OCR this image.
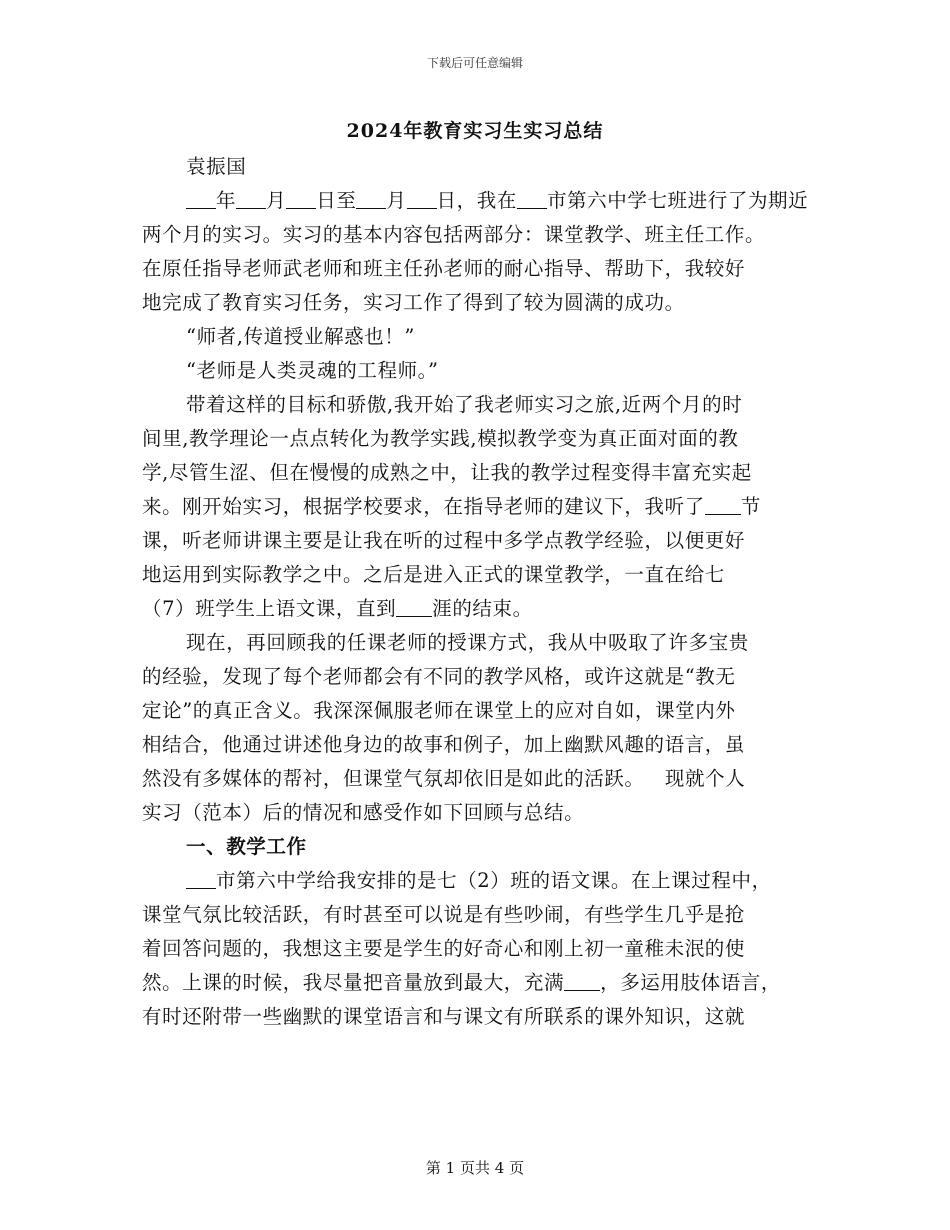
下载后可任意编辑
2024年教育实习生实习总结
袁振国
年 月 日至 月 日，我在 市第六中学七班进行了为期近
两个月的实习。实习的基本内容包括两部分：课堂教学、班主任工作。
在原任指导老师武老师和班主任孙老师的耐心指导、帮助下，我较好
地完成了教育实习任务，实习工作了得到了较为圆满的成功。
“师者,传道授业解惑也！”
“老师是人类灵魂的工程师。”
带着这样的目标和骄傲,我开始了我老师实习之旅,近两个月的时
间里,教学理论一点点转化为教学实践,模拟教学变为真正面对面的教
学,尽管生涩、但在慢慢的成熟之中，让我的教学过程变得丰富充实起
来。刚开始实习，根据学校要求，在指导老师的建议下，我听了 节
课，听老师讲课主要是让我在听的过程中多学点教学经验，以便更好
地运用到实际教学之中。之后是进入正式的课堂教学，一直在给七
（7）班学生上语文课，直到 涯的结束。
现在，再回顾我的任课老师的授课方式，我从中吸取了许多宝贵
的经验，发现了每个老师都会有不同的教学风格，或许这就是“教无
定论”的真正含义。我深深佩服老师在课堂上的应对自如，课堂内外
相结合，他通过讲述他身边的故事和例子，加上幽默风趣的语言，虽
然没有多媒体的帮衬，但课堂气氛却依旧是如此的活跃。   现就个人
实习（范本）后的情况和感受作如下回顾与总结。
一、教学工作
市第六中学给我安排的是七（2）班的语文课。在上课过程中，
课堂气氛比较活跃，有时甚至可以说是有些吵闹，有些学生几乎是抢
着回答问题的，我想这主要是学生的好奇心和刚上初一童稚未泯的使
然。上课的时候，我尽量把音量放到最大，充满 ，多运用肢体语言，
有时还附带一些幽默的课堂语言和与课文有所联系的课外知识，这就
第 1 页共 4 页
